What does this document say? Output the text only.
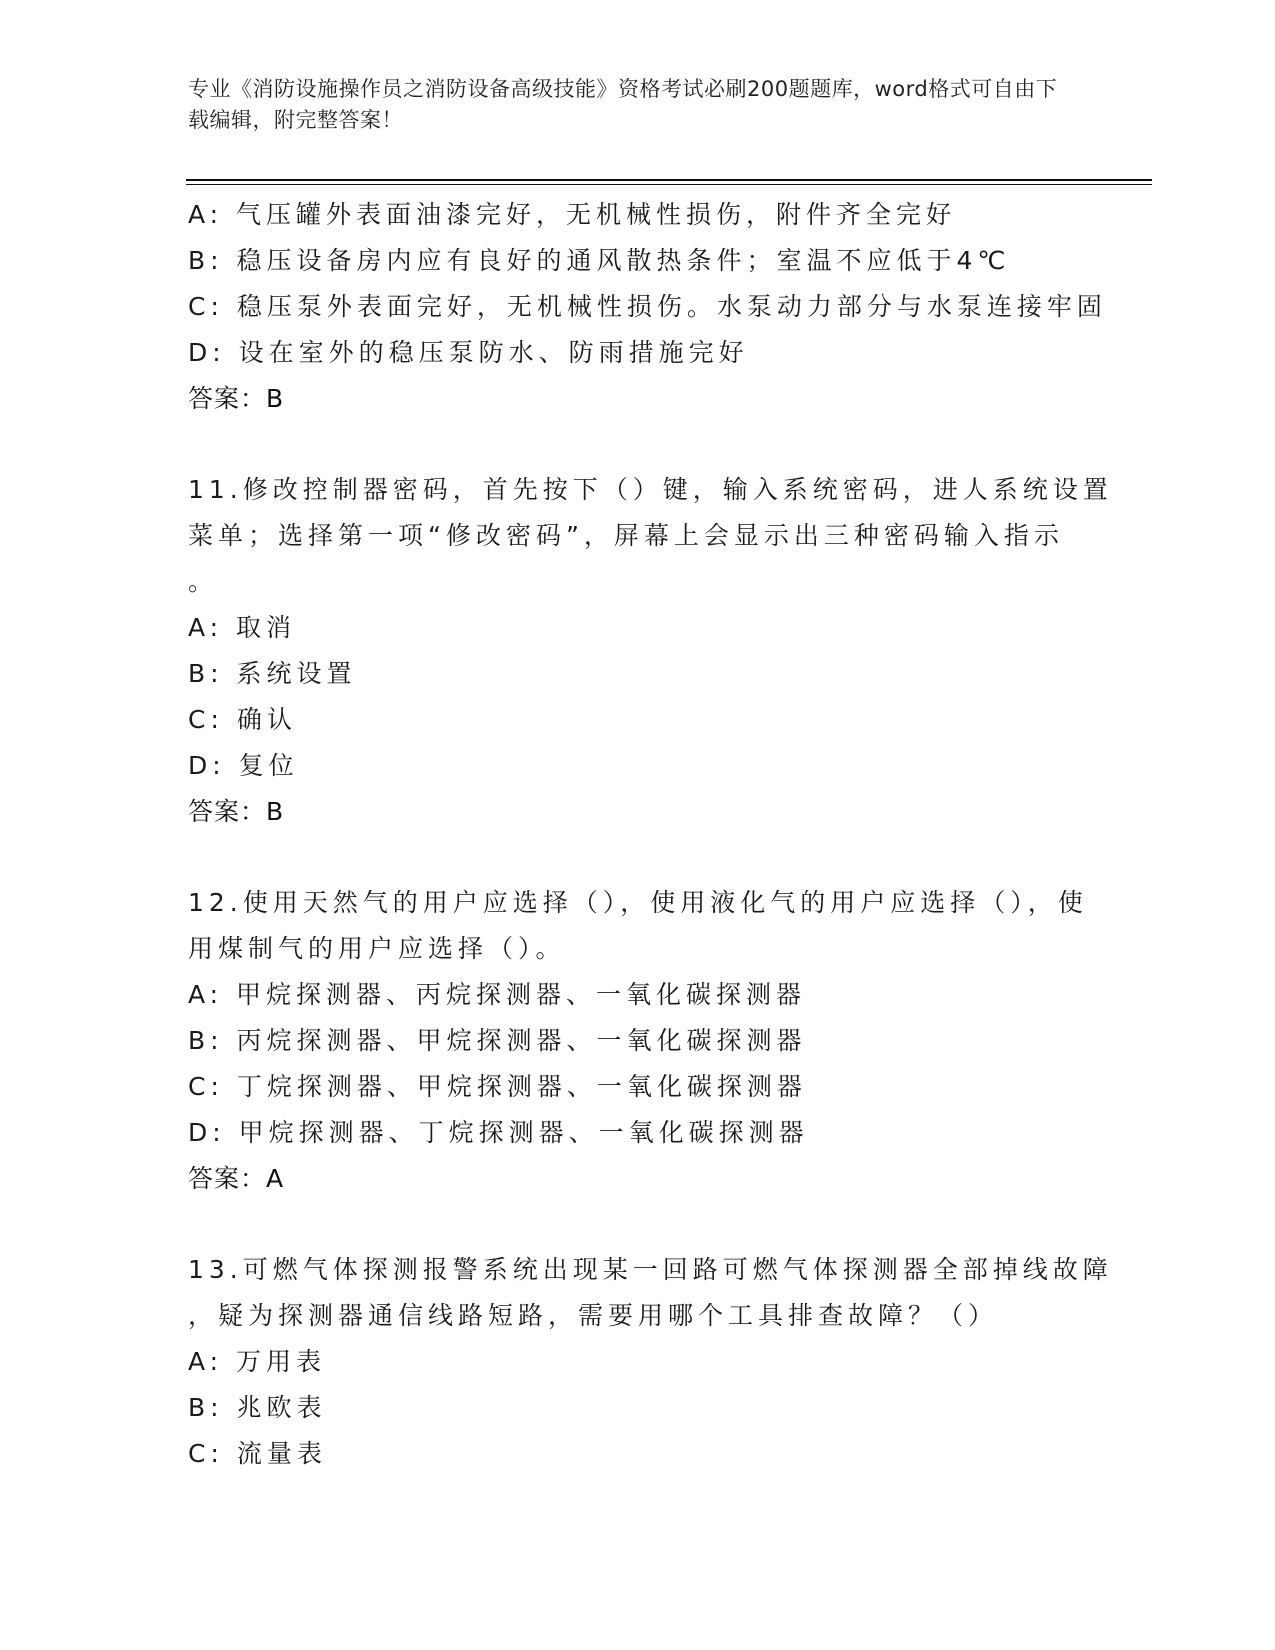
专业《消防设施操作员之消防设备高级技能》资格考试必刷200题题库，word格式可自由下载编辑，附完整答案！
A: 气压罐外表面油漆完好，无机械性损伤，附件齐全完好
B: 稳压设备房内应有良好的通风散热条件；室温不应低于4℃
C: 稳压泵外表面完好，无机械性损伤。水泵动力部分与水泵连接牢固
D: 设在室外的稳压泵防水、防雨措施完好
答案：B
11.修改控制器密码，首先按下（）键，输入系统密码，进人系统设置
菜单；选择第一项“修改密码”，屏幕上会显示出三种密码输入指示
。
A: 取消
B: 系统设置
C: 确认
D: 复位
答案：B
12.使用天然气的用户应选择（），使用液化气的用户应选择（），使
用煤制气的用户应选择（）。
A: 甲烷探测器、丙烷探测器、一氧化碳探测器
B: 丙烷探测器、甲烷探测器、一氧化碳探测器
C: 丁烷探测器、甲烷探测器、一氧化碳探测器
D: 甲烷探测器、丁烷探测器、一氧化碳探测器
答案：A
13.可燃气体探测报警系统出现某一回路可燃气体探测器全部掉线故障
，疑为探测器通信线路短路，需要用哪个工具排查故障？（）
A: 万用表
B: 兆欧表
C: 流量表
